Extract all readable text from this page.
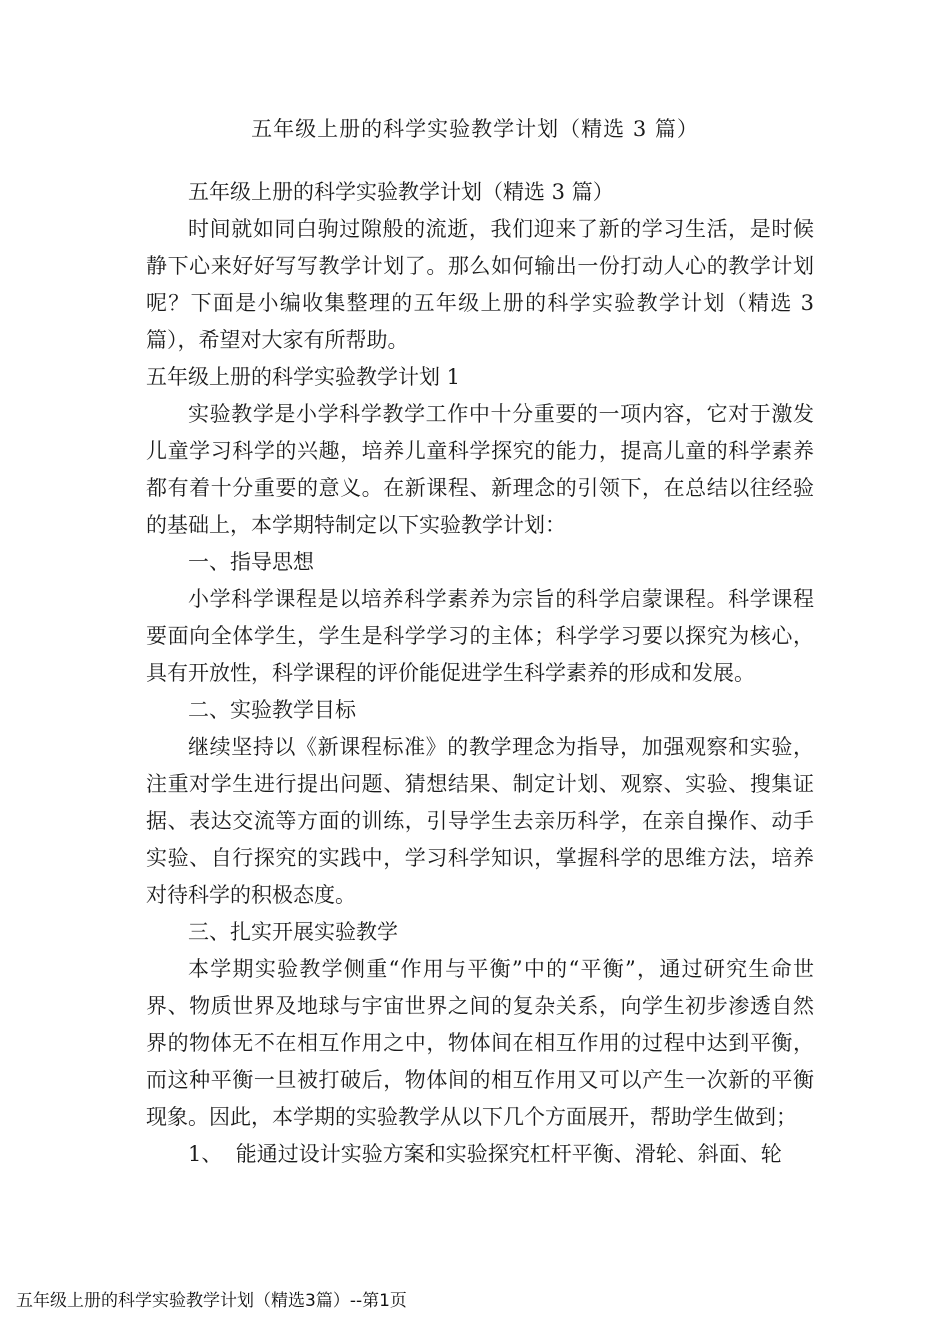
五年级上册的科学实验教学计划（精选 3 篇）

五年级上册的科学实验教学计划（精选 3 篇）

时间就如同白驹过隙般的流逝，我们迎来了新的学习生活，是时候静下心来好好写写教学计划了。那么如何输出一份打动人心的教学计划呢？下面是小编收集整理的五年级上册的科学实验教学计划（精选 3 篇），希望对大家有所帮助。

五年级上册的科学实验教学计划 1

实验教学是小学科学教学工作中十分重要的一项内容，它对于激发儿童学习科学的兴趣，培养儿童科学探究的能力，提高儿童的科学素养都有着十分重要的意义。在新课程、新理念的引领下，在总结以往经验的基础上，本学期特制定以下实验教学计划：

一、指导思想

小学科学课程是以培养科学素养为宗旨的科学启蒙课程。科学课程要面向全体学生，学生是科学学习的主体；科学学习要以探究为核心，具有开放性，科学课程的评价能促进学生科学素养的形成和发展。

二、实验教学目标

继续坚持以《新课程标准》的教学理念为指导，加强观察和实验，注重对学生进行提出问题、猜想结果、制定计划、观察、实验、搜集证据、表达交流等方面的训练，引导学生去亲历科学，在亲自操作、动手实验、自行探究的实践中，学习科学知识，掌握科学的思维方法，培养对待科学的积极态度。

三、扎实开展实验教学

本学期实验教学侧重“作用与平衡”中的“平衡”，通过研究生命世界、物质世界及地球与宇宙世界之间的复杂关系，向学生初步渗透自然界的物体无不在相互作用之中，物体间在相互作用的过程中达到平衡，而这种平衡一旦被打破后，物体间的相互作用又可以产生一次新的平衡现象。因此，本学期的实验教学从以下几个方面展开，帮助学生做到；

1、  能通过设计实验方案和实验探究杠杆平衡、滑轮、斜面、轮

五年级上册的科学实验教学计划（精选3篇）--第1页
